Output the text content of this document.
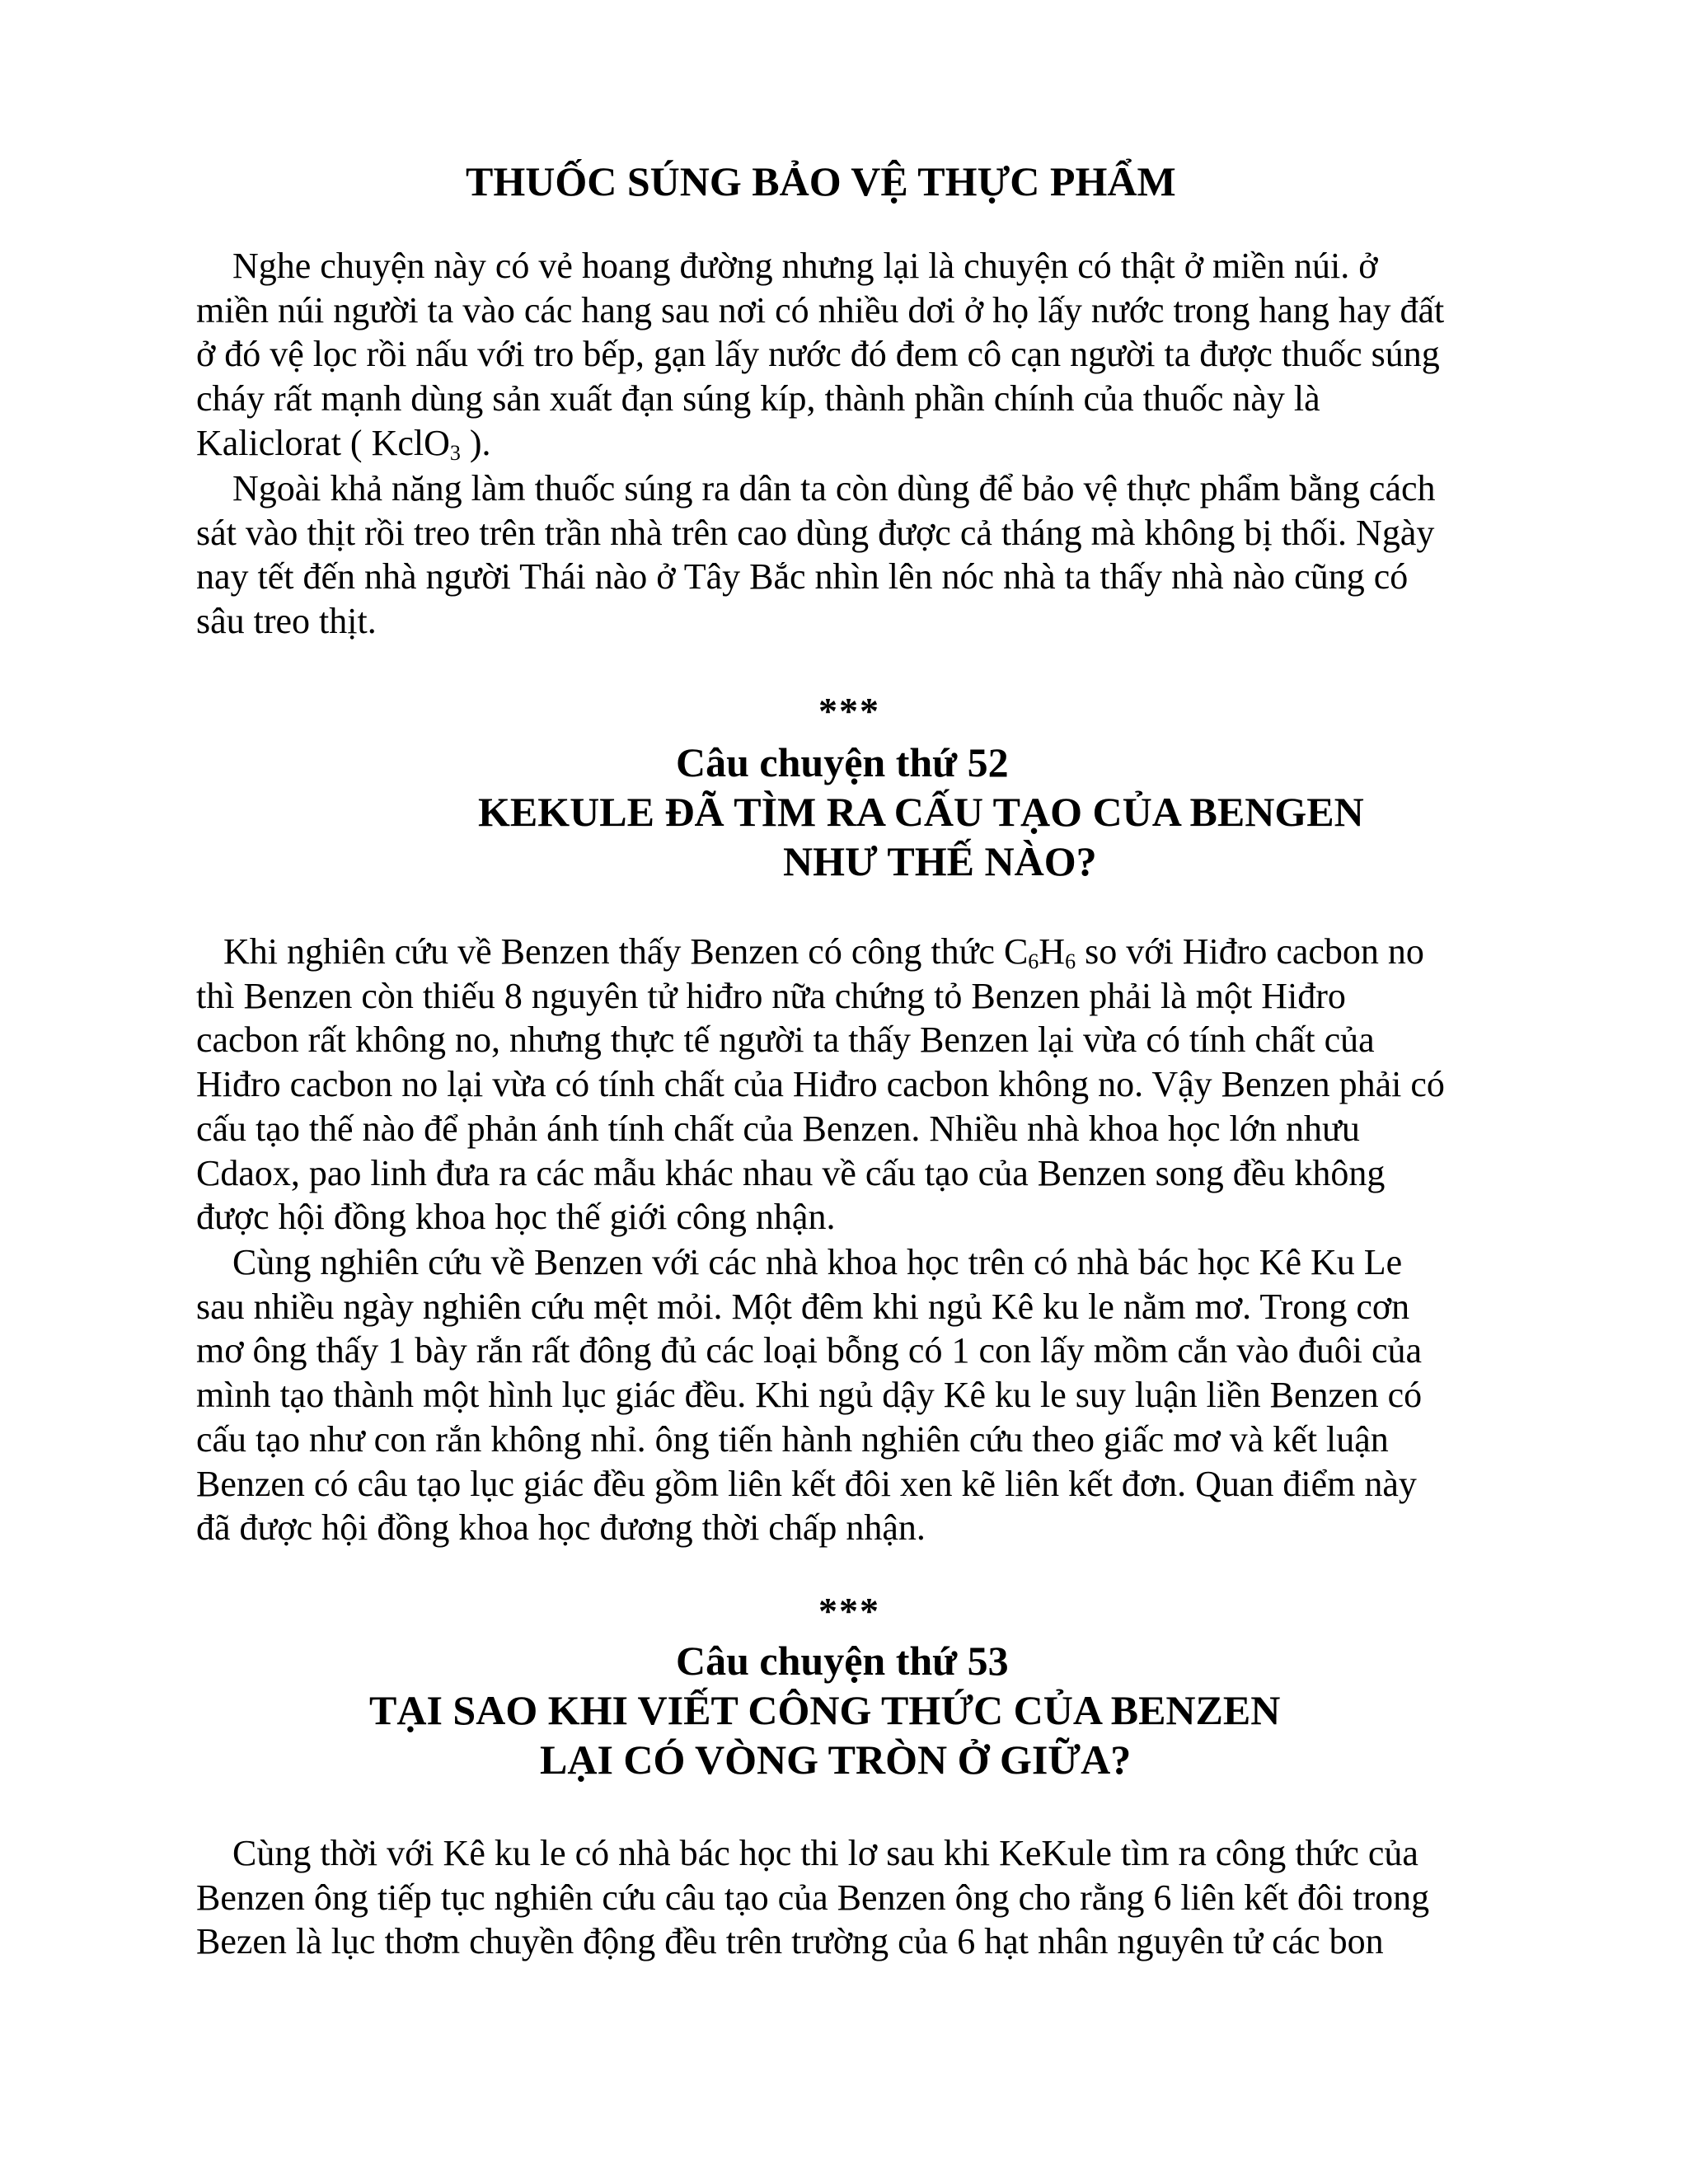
THUỐC SÚNG BẢO VỆ THỰC PHẨM
Nghe chuyện này có vẻ hoang đường nhưng lại là chuyện có thật ở miền núi. ở
miền núi người ta vào các hang sau nơi có nhiều dơi ở họ lấy nước trong hang hay đất
ở đó vệ lọc rồi nấu với tro bếp, gạn lấy nước đó đem cô cạn người ta được thuốc súng
cháy rất mạnh dùng sản xuất đạn súng kíp, thành phần chính của thuốc này là
Kaliclorat ( KclO$_3$ ).
Ngoài khả năng làm thuốc súng ra dân ta còn dùng để bảo vệ thực phẩm bằng cách
sát vào thịt rồi treo trên trần nhà trên cao dùng được cả tháng mà không bị thối. Ngày
nay tết đến nhà người Thái nào ở Tây Bắc nhìn lên nóc nhà ta thấy nhà nào cũng có
sâu treo thịt.
***
Câu chuyện thứ 52
KEKULE ĐÃ TÌM RA CẤU TẠO CỦA BENGEN
NHƯ THẾ NÀO?
Khi nghiên cứu về Benzen thấy Benzen có công thức $C_6H_6$ so với Hiđro cacbon no
thì Benzen còn thiếu 8 nguyên tử hiđro nữa chứng tỏ Benzen phải là một Hiđro
cacbon rất không no, nhưng thực tế người ta thấy Benzen lại vừa có tính chất của
Hiđro cacbon no lại vừa có tính chất của Hiđro cacbon không no. Vậy Benzen phải có
cấu tạo thế nào để phản ánh tính chất của Benzen. Nhiều nhà khoa học lớn nhưu
Cdaox, pao linh đưa ra các mẫu khác nhau về cấu tạo của Benzen song đều không
được hội đồng khoa học thế giới công nhận.
Cùng nghiên cứu về Benzen với các nhà khoa học trên có nhà bác học Kê Ku Le
sau nhiều ngày nghiên cứu mệt mỏi. Một đêm khi ngủ Kê ku le nằm mơ. Trong cơn
mơ ông thấy 1 bày rắn rất đông đủ các loại bỗng có 1 con lấy mồm cắn vào đuôi của
mình tạo thành một hình lục giác đều. Khi ngủ dậy Kê ku le suy luận liền Benzen có
cấu tạo như con rắn không nhỉ. ông tiến hành nghiên cứu theo giấc mơ và kết luận
Benzen có câu tạo lục giác đều gồm liên kết đôi xen kẽ liên kết đơn. Quan điểm này
đã được hội đồng khoa học đương thời chấp nhận.
***
Câu chuyện thứ 53
TẠI SAO KHI VIẾT CÔNG THỨC CỦA BENZEN
LẠI CÓ VÒNG TRÒN Ở GIỮA?
Cùng thời với Kê ku le có nhà bác học thi lơ sau khi KeKule tìm ra công thức của
Benzen ông tiếp tục nghiên cứu câu tạo của Benzen ông cho rằng 6 liên kết đôi trong
Bezen là lục thơm chuyền động đều trên trường của 6 hạt nhân nguyên tử các bon
